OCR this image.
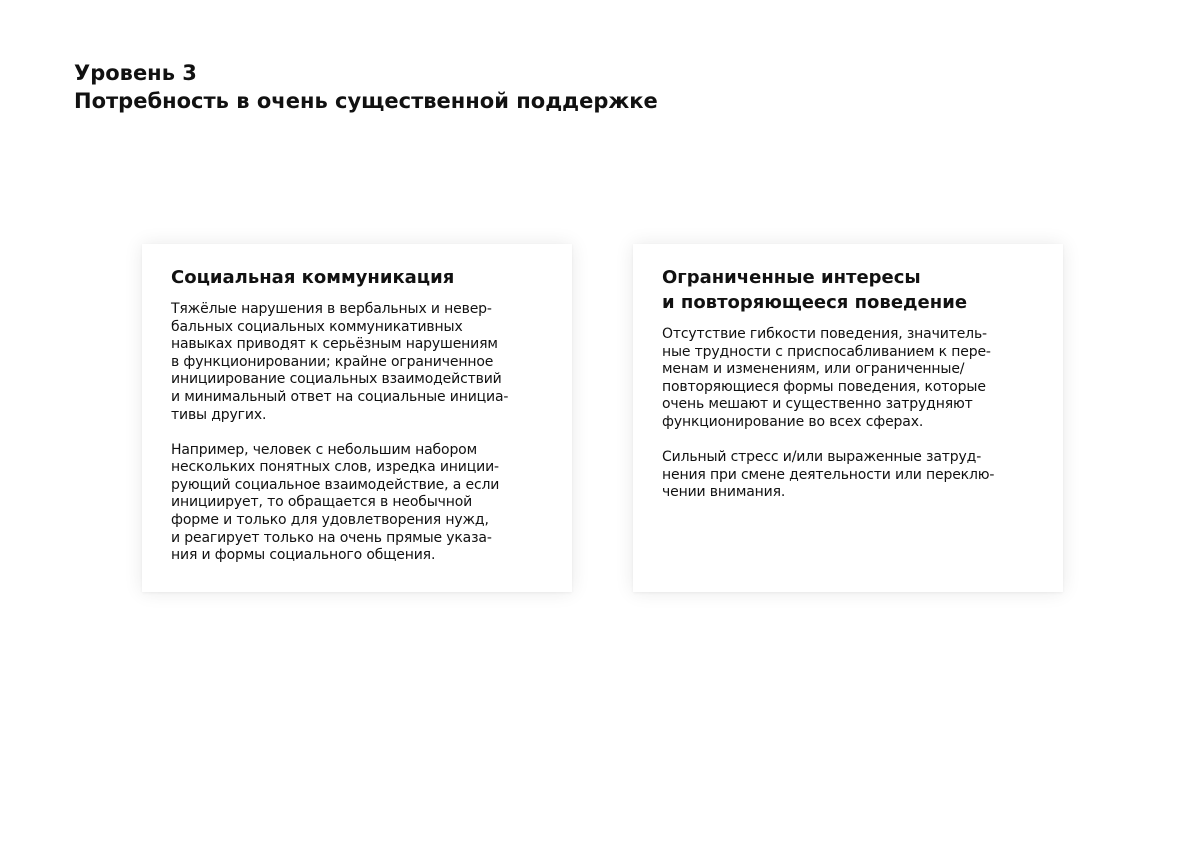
Уровень 3
Потребность в очень существенной поддержке
Социальная коммуникация

Тяжёлые нарушения в вербальных и невер-
бальных социальных коммуникативных
навыках приводят к серьёзным нарушениям
в функционировании; крайне ограниченное
инициирование социальных взаимодействий
и минимальный ответ на социальные инициа-
тивы других.

Например, человек с небольшим набором
нескольких понятных слов, изредка иниции-
рующий социальное взаимодействие, а если
инициирует, то обращается в необычной
форме и только для удовлетворения нужд,
и реагирует только на очень прямые указа-
ния и формы социального общения.

Ограниченные интересы
и повторяющееся поведение

Отсутствие гибкости поведения, значитель-
ные трудности с приспосабливанием к пере-
менам и изменениям, или ограниченные/
повторяющиеся формы поведения, которые
очень мешают и существенно затрудняют
функционирование во всех сферах.

Сильный стресс и/или выраженные затруд-
нения при смене деятельности или переклю-
чении внимания.
